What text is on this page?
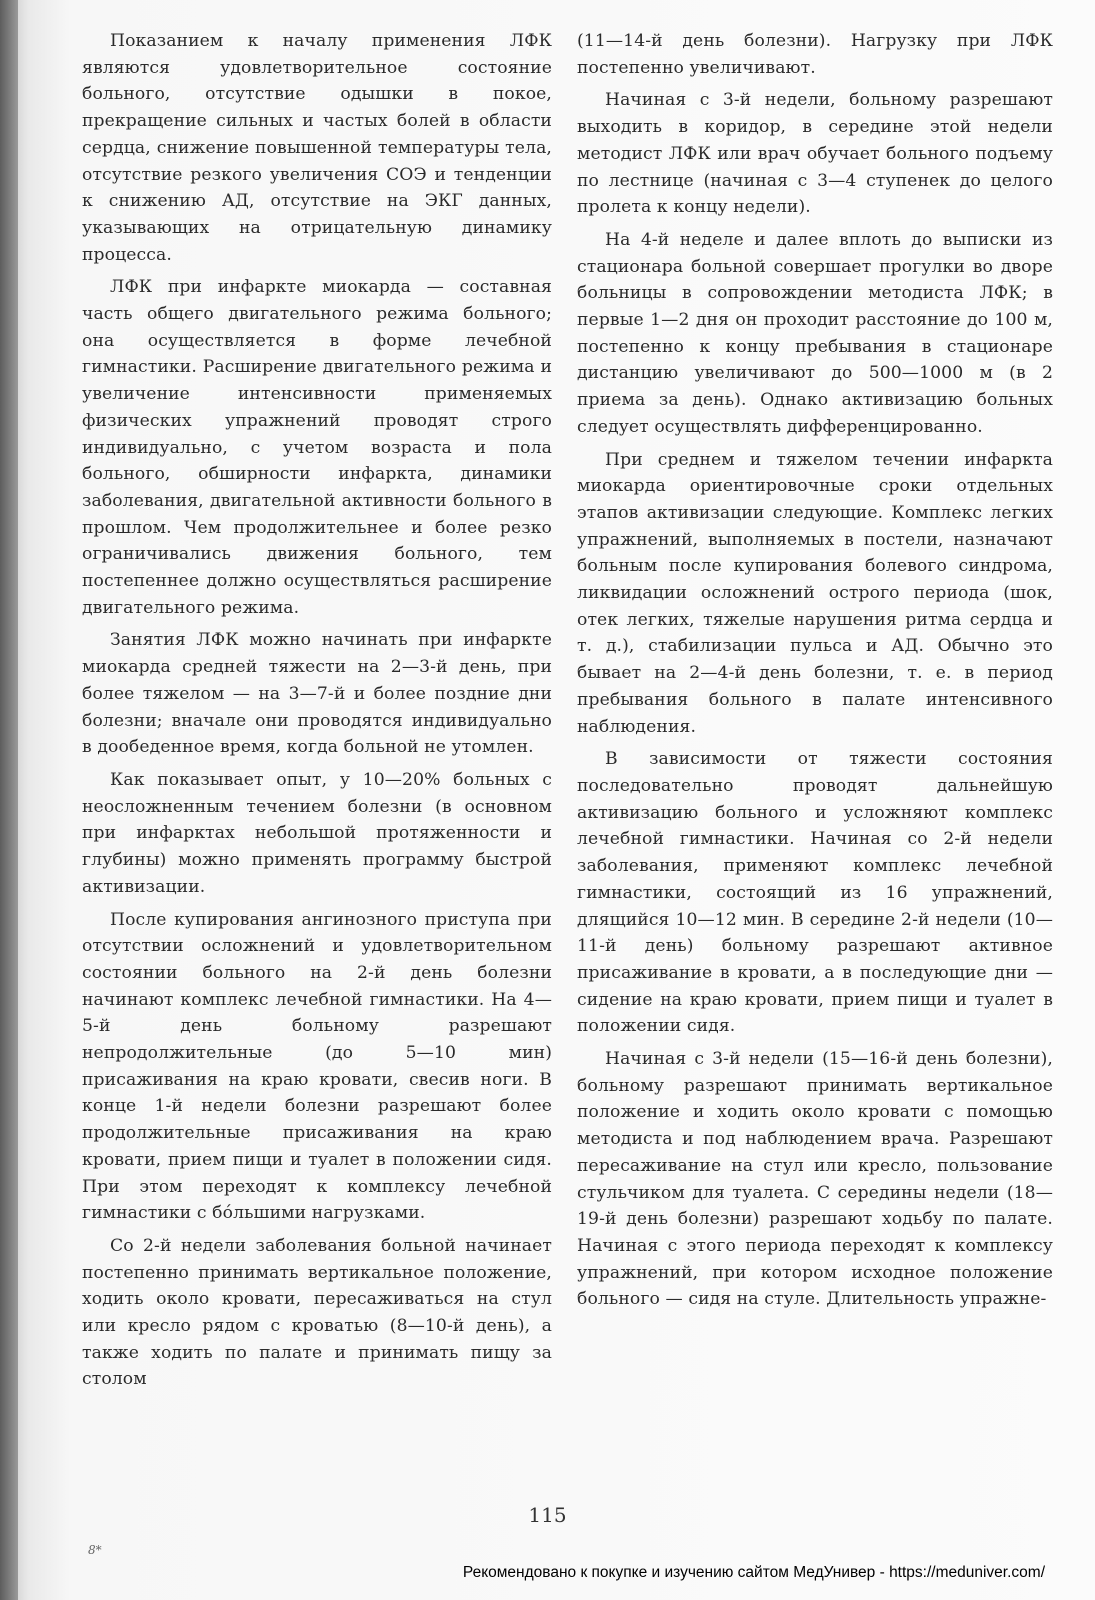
Показанием к началу применения ЛФК являются удовлетворительное состояние больного, отсутствие одышки в покое, прекращение сильных и частых болей в области сердца, снижение повышенной температуры тела, отсутствие резкого увеличения СОЭ и тенденции к снижению АД, отсутствие на ЭКГ данных, указывающих на отрицательную динамику процесса.

ЛФК при инфаркте миокарда — составная часть общего двигательного режима больного; она осуществляется в форме лечебной гимнастики. Расширение двигательного режима и увеличение интенсивности применяемых физических упражнений проводят строго индивидуально, с учетом возраста и пола больного, обширности инфаркта, динамики заболевания, двигательной активности больного в прошлом. Чем продолжительнее и более резко ограничивались движения больного, тем постепеннее должно осуществляться расширение двигательного режима.

Занятия ЛФК можно начинать при инфаркте миокарда средней тяжести на 2—3-й день, при более тяжелом — на 3—7-й и более поздние дни болезни; вначале они проводятся индивидуально в дообеденное время, когда больной не утомлен.

Как показывает опыт, у 10—20% больных с неосложненным течением болезни (в основном при инфарктах небольшой протяженности и глубины) можно применять программу быстрой активизации.

После купирования ангинозного приступа при отсутствии осложнений и удовлетворительном состоянии больного на 2-й день болезни начинают комплекс лечебной гимнастики. На 4—5-й день больному разрешают непродолжительные (до 5—10 мин) присаживания на краю кровати, свесив ноги. В конце 1-й недели болезни разрешают более продолжительные присаживания на краю кровати, прием пищи и туалет в положении сидя. При этом переходят к комплексу лечебной гимнастики с бóльшими нагрузками.

Со 2-й недели заболевания больной начинает постепенно принимать вертикальное положение, ходить около кровати, пересаживаться на стул или кресло рядом с кроватью (8—10-й день), а также ходить по палате и принимать пищу за столом

(11—14-й день болезни). Нагрузку при ЛФК постепенно увеличивают.

Начиная с 3-й недели, больному разрешают выходить в коридор, в середине этой недели методист ЛФК или врач обучает больного подъему по лестнице (начиная с 3—4 ступенек до целого пролета к концу недели).

На 4-й неделе и далее вплоть до выписки из стационара больной совершает прогулки во дворе больницы в сопровождении методиста ЛФК; в первые 1—2 дня он проходит расстояние до 100 м, постепенно к концу пребывания в стационаре дистанцию увеличивают до 500—1000 м (в 2 приема за день). Однако активизацию больных следует осуществлять дифференцированно.

При среднем и тяжелом течении инфаркта миокарда ориентировочные сроки отдельных этапов активизации следующие. Комплекс легких упражнений, выполняемых в постели, назначают больным после купирования болевого синдрома, ликвидации осложнений острого периода (шок, отек легких, тяжелые нарушения ритма сердца и т. д.), стабилизации пульса и АД. Обычно это бывает на 2—4-й день болезни, т. е. в период пребывания больного в палате интенсивного наблюдения.

В зависимости от тяжести состояния последовательно проводят дальнейшую активизацию больного и усложняют комплекс лечебной гимнастики. Начиная со 2-й недели заболевания, применяют комплекс лечебной гимнастики, состоящий из 16 упражнений, длящийся 10—12 мин. В середине 2-й недели (10—11-й день) больному разрешают активное присаживание в кровати, а в последующие дни — сидение на краю кровати, прием пищи и туалет в положении сидя.

Начиная с 3-й недели (15—16-й день болезни), больному разрешают принимать вертикальное положение и ходить около кровати с помощью методиста и под наблюдением врача. Разрешают пересаживание на стул или кресло, пользование стульчиком для туалета. С середины недели (18—19-й день болезни) разрешают ходьбу по палате. Начиная с этого периода переходят к комплексу упражнений, при котором исходное положение больного — сидя на стуле. Длительность упражне-

115
8*
Рекомендовано к покупке и изучению сайтом МедУнивер - https://meduniver.com/
